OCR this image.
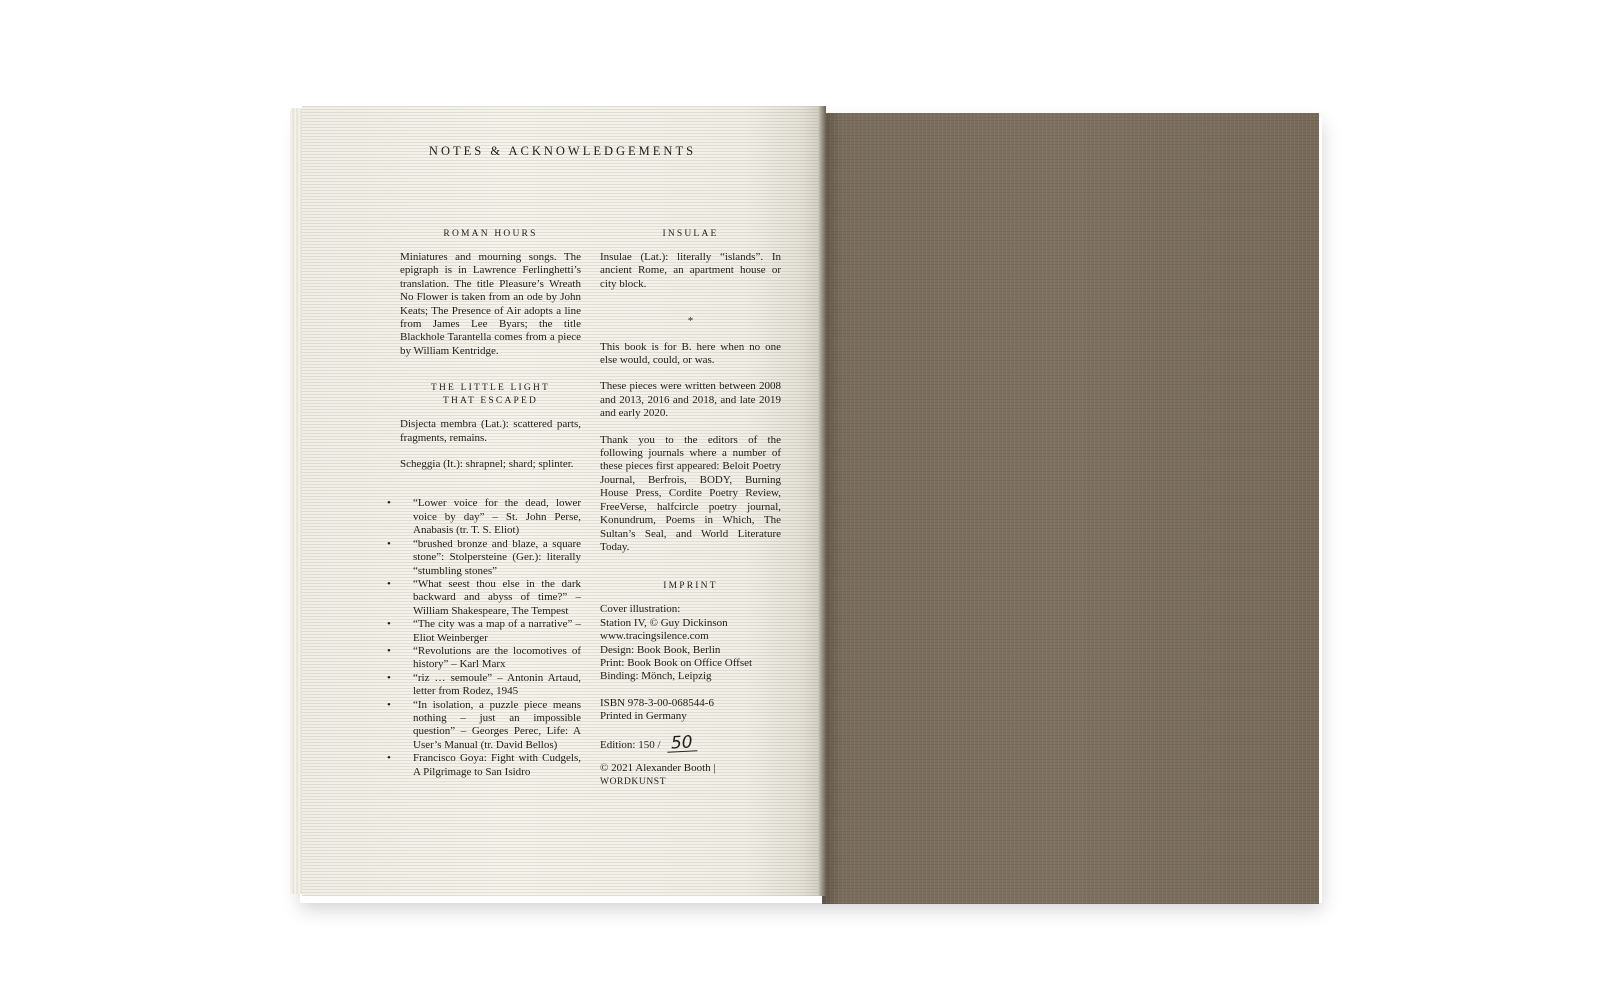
NOTES & ACKNOWLEDGEMENTS
ROMAN HOURS

Miniatures and mourning songs. The epigraph is in Lawrence Ferlinghetti’s translation. The title Pleasure’s Wreath No Flower is taken from an ode by John Keats; The Presence of Air adopts a line from James Lee Byars; the title Blackhole Tarantella comes from a piece by William Kentridge.

THE LITTLE LIGHT
THAT ESCAPED

Disjecta membra (Lat.): scattered parts, fragments, remains.

Scheggia (It.): shrapnel; shard; splinter.

• “Lower voice for the dead, lower voice by day” – St. John Perse, Anabasis (tr. T. S. Eliot)
• “brushed bronze and blaze, a square stone”: Stolpersteine (Ger.): literally “stumbling stones”
• “What seest thou else in the dark backward and abyss of time?” – William Shakespeare, The Tempest
• “The city was a map of a narrative” – Eliot Weinberger
• “Revolutions are the locomotives of history” – Karl Marx
• “riz … semoule” – Antonin Artaud, letter from Rodez, 1945
• “In isolation, a puzzle piece means nothing – just an impossible question” – Georges Perec, Life: A User’s Manual (tr. David Bellos)
• Francisco Goya: Fight with Cudgels, A Pilgrimage to San Isidro
INSULAE

Insulae (Lat.): literally “islands”. In ancient Rome, an apartment house or city block.

*

This book is for B. here when no one else would, could, or was.

These pieces were written between 2008 and 2013, 2016 and 2018, and late 2019 and early 2020.

Thank you to the editors of the following journals where a number of these pieces first appeared: Beloit Poetry Journal, Berfrois, BODY, Burning House Press, Cordite Poetry Review, FreeVerse, halfcircle poetry journal, Konundrum, Poems in Which, The Sultan’s Seal, and World Literature Today.

IMPRINT
Cover illustration:
Station IV, © Guy Dickinson
www.tracingsilence.com
Design: Book Book, Berlin
Print: Book Book on Office Offset
Binding: Mönch, Leipzig
ISBN 978-3-00-068544-6
Printed in Germany
Edition: 150 / 50
© 2021 Alexander Booth | WORDKUNST
